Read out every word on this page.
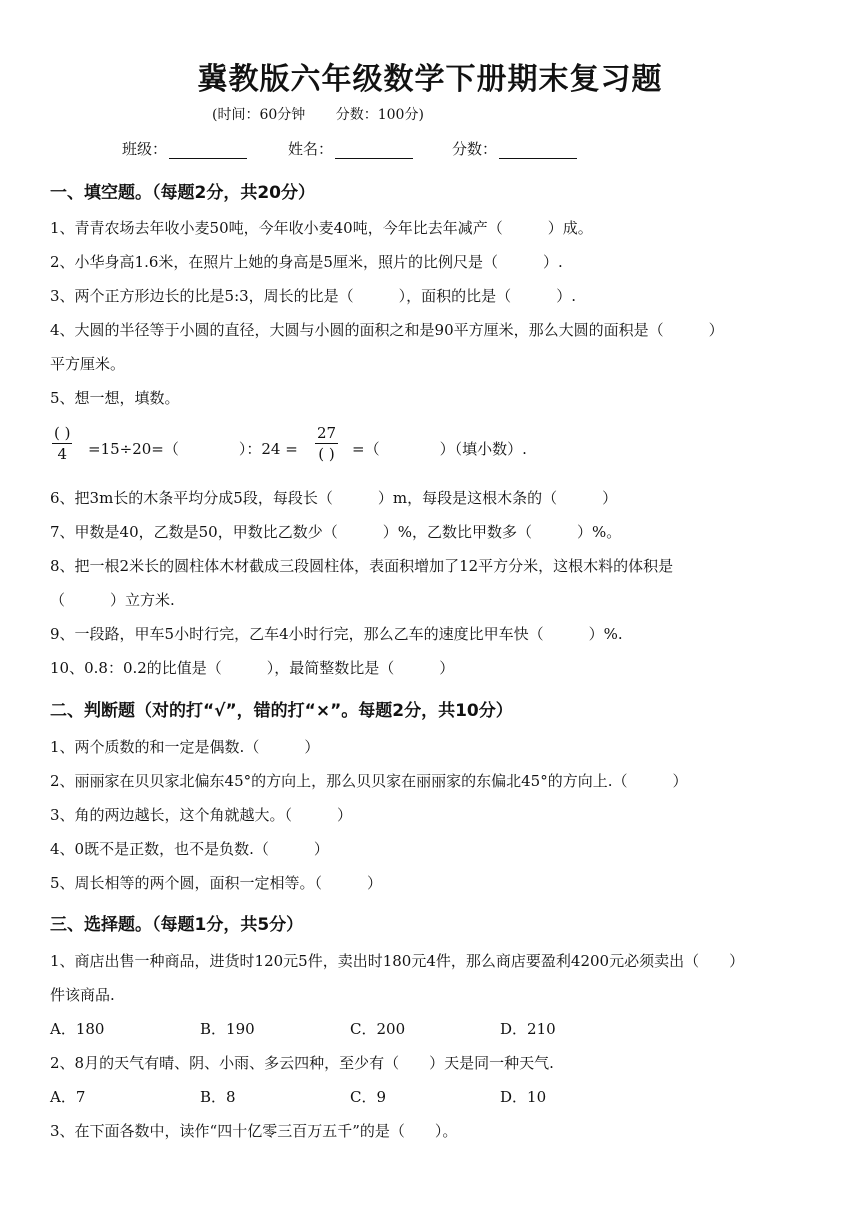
冀教版六年级数学下册期末复习题
(时间：60分钟 分数：100分)
班级：	姓名：	分数：
一、填空题。（每题2分，共20分）
1、青青农场去年收小麦50吨，今年收小麦40吨，今年比去年减产（　　　）成。
2、小华身高1.6米，在照片上她的身高是5厘米，照片的比例尺是（　　　）.
3、两个正方形边长的比是5:3，周长的比是（　　　），面积的比是（　　　）.
4、大圆的半径等于小圆的直径，大圆与小圆的面积之和是90平方厘米，那么大圆的面积是（　　　）
平方厘米。
5、想一想，填数。
( )
4	=15÷20=（　　　　）：24 =
27
( ) =（　　　　）（填小数）.
6、把3m长的木条平均分成5段，每段长（　　　）m，每段是这根木条的（　　　）
7、甲数是40，乙数是50，甲数比乙数少（　　　）%，乙数比甲数多（　　　）%。
8、把一根2米长的圆柱体木材截成三段圆柱体，表面积增加了12平方分米，这根木料的体积是
（　　　）立方米.
9、一段路，甲车5小时行完，乙车4小时行完，那么乙车的速度比甲车快（　　　）%.
10、0.8：0.2的比值是（　　　），最简整数比是（　　　）
二、判断题（对的打“√”，错的打“×”。每题2分，共10分）
1、两个质数的和一定是偶数.（　　　）
2、丽丽家在贝贝家北偏东45°的方向上，那么贝贝家在丽丽家的东偏北45°的方向上.（　　　）
3、角的两边越长，这个角就越大。（　　　）
4、0既不是正数，也不是负数.（　　　）
5、周长相等的两个圆，面积一定相等。（　　　）
三、选择题。（每题1分，共5分）
1、商店出售一种商品，进货时120元5件，卖出时180元4件，那么商店要盈利4200元必须卖出（　　）
件该商品.
A．180	B．190	C．200	D．210
2、8月的天气有晴、阴、小雨、多云四种，至少有（　　）天是同一种天气.
A．7	B．8	C．9	D．10
3、在下面各数中，读作“四十亿零三百万五千”的是（　　）。
